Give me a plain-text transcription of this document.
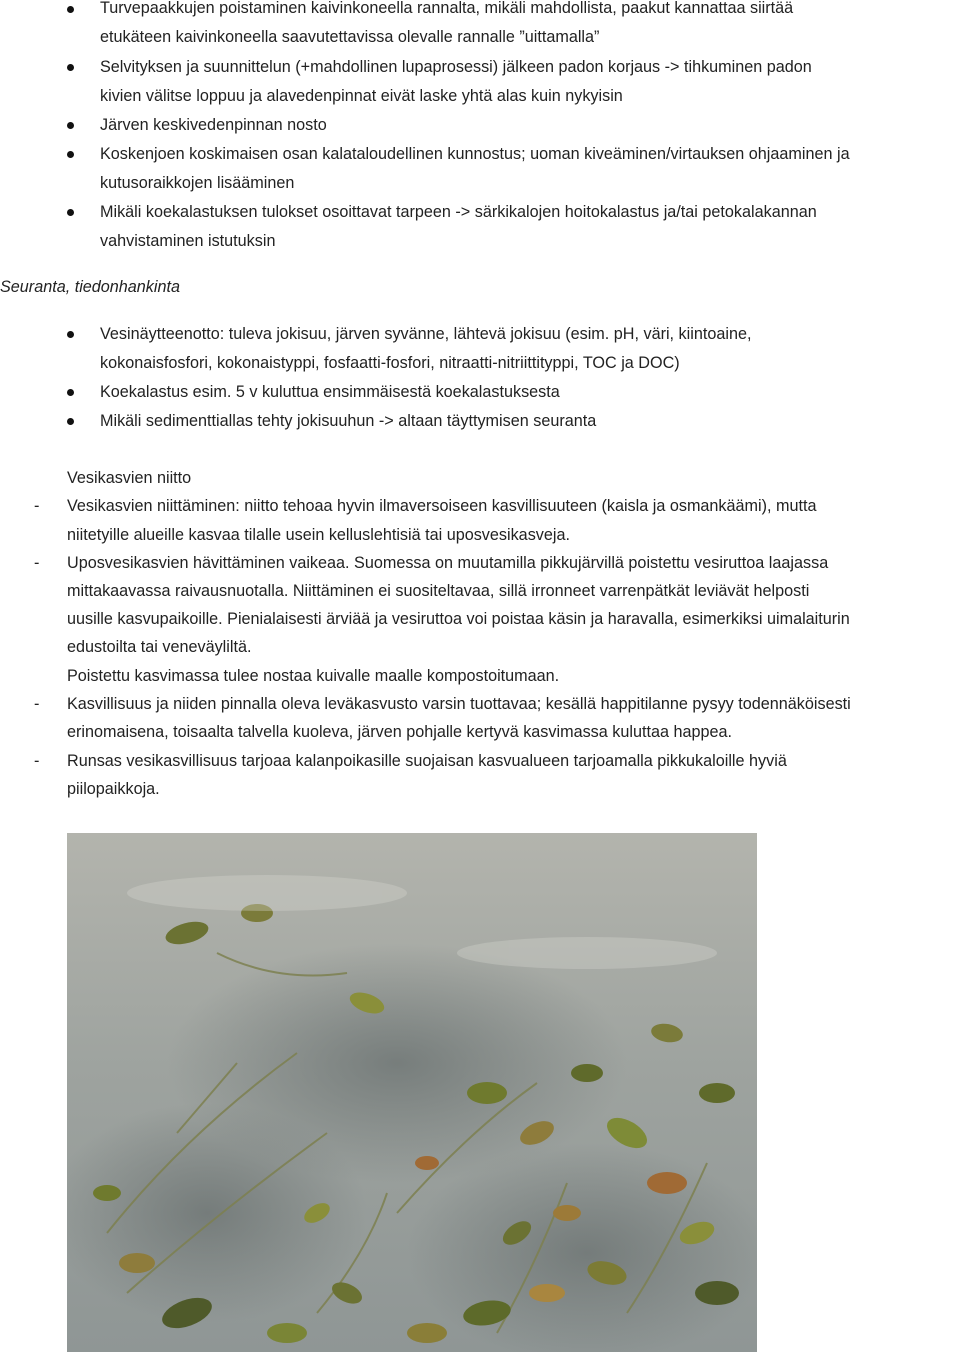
Turvepaakkujen poistaminen kaivinkoneella rannalta, mikäli mahdollista, paakut kannattaa siirtää
etukäteen kaivinkoneella saavutettavissa olevalle rannalle ”uittamalla”
Selvityksen ja suunnittelun (+mahdollinen lupaprosessi) jälkeen padon korjaus -> tihkuminen padon
kivien välitse loppuu ja alavedenpinnat eivät laske yhtä alas kuin nykyisin
Järven keskivedenpinnan nosto
Koskenjoen koskimaisen osan kalataloudellinen kunnostus; uoman kiveäminen/virtauksen ohjaaminen ja
kutusoraikkojen lisääminen
Mikäli koekalastuksen tulokset osoittavat tarpeen -> särkikalojen hoitokalastus ja/tai petokalakannan
vahvistaminen istutuksin
Seuranta, tiedonhankinta
Vesinäytteenotto: tuleva jokisuu, järven syvänne, lähtevä jokisuu (esim. pH, väri, kiintoaine,
kokonaisfosfori, kokonaistyppi, fosfaatti-fosfori, nitraatti-nitriittityppi, TOC ja DOC)
Koekalastus esim. 5 v kuluttua ensimmäisestä koekalastuksesta
Mikäli sedimenttiallas tehty jokisuuhun -> altaan täyttymisen seuranta
Vesikasvien niitto
- Vesikasvien niittäminen: niitto tehoaa hyvin ilmaversoiseen kasvillisuuteen (kaisla ja osmankäämi), mutta
niitetyille alueille kasvaa tilalle usein kelluslehtisiä tai uposvesikasveja.
- Uposvesikasvien hävittäminen vaikeaa. Suomessa on muutamilla pikkujärvillä poistettu vesiruttoa laajassa
mittakaavassa raivausnuotalla. Niittäminen ei suositeltavaa, sillä irronneet varrenpätkät leviävät helposti
uusille kasvupaikoille. Pienialaisesti ärviää ja vesiruttoa voi poistaa käsin ja haravalla, esimerkiksi uimalaiturin
edustoilta tai veneväyliltä.
Poistettu kasvimassa tulee nostaa kuivalle maalle kompostoitumaan.
- Kasvillisuus ja niiden pinnalla oleva leväkasvusto varsin tuottavaa; kesällä happitilanne pysyy todennäköisesti
erinomaisena, toisaalta talvella kuoleva, järven pohjalle kertyvä kasvimassa kuluttaa happea.
- Runsas vesikasvillisuus tarjoaa kalanpoikasille suojaisan kasvualueen tarjoamalla pikkukaloille hyviä
piilopaikkoja.
